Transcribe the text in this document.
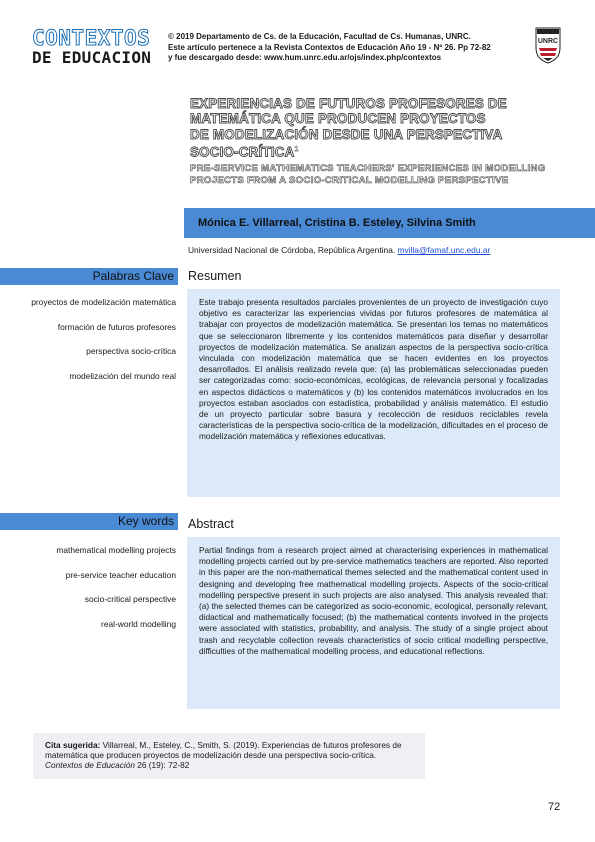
CONTEXTOS
DE EDUCACION
© 2019 Departamento de Cs. de la Educación, Facultad de Cs. Humanas, UNRC.
Este artículo pertenece a la Revista Contextos de Educación Año 19 - Nº 26. Pp 72-82
y fue descargado desde: www.hum.unrc.edu.ar/ojs/index.php/contextos
UNRC
EXPERIENCIAS DE FUTUROS PROFESORES DE
MATEMÁTICA QUE PRODUCEN PROYECTOS
DE MODELIZACIÓN DESDE UNA PERSPECTIVA
SOCIO-CRÍTICA$^1$
PRE-SERVICE MATHEMATICS TEACHERS' EXPERIENCES IN MODELLING
PROJECTS FROM A SOCIO-CRITICAL MODELLING PERSPECTIVE
Mónica E. Villarreal, Cristina B. Esteley, Silvina Smith
Universidad Nacional de Córdoba, República Argentina. mvilla@famaf.unc.edu.ar
Palabras Clave	Resumen
proyectos de modelización matemática
formación de futuros profesores
perspectiva socio-crítica
modelización del mundo real

Este trabajo presenta resultados parciales provenientes de un proyecto de investigación cuyo objetivo es caracterizar las experiencias vividas por futuros profesores de matemática al trabajar con proyectos de modelización matemática. Se presentan los temas no matemáticos que se seleccionaron libremente y los contenidos matemáticos para diseñar y desarrollar proyectos de modelización matemática. Se analizan aspectos de la perspectiva socio-crítica vinculada con modelización matemática que se hacen evidentes en los proyectos desarrollados. El análisis realizado revela que: (a) las problemáticas seleccionadas pueden ser categorizadas como: socio-económicas, ecológicas, de relevancia personal y focalizadas en aspectos didácticos o matemáticos y (b) los contenidos matemáticos involucrados en los proyectos estaban asociados con estadística, probabilidad y análisis matemático. El estudio de un proyecto particular sobre basura y recolección de residuos reciclables revela características de la perspectiva socio-crítica de la modelización, dificultades en el proceso de modelización matemática y reflexiones educativas.

Key words	Abstract
mathematical modelling projects
pre-service teacher education
socio-critical perspective
real-world modelling

Partial findings from a research project aimed at characterising experiences in mathematical modelling projects carried out by pre-service mathematics teachers are reported. Also reported in this paper are the non-mathematical themes selected and the mathematical content used in designing and developing free mathematical modelling projects. Aspects of the socio-critical modelling perspective present in such projects are also analysed. This analysis revealed that: (a) the selected themes can be categorized as socio-economic, ecological, personally relevant, didactical and mathematically focused; (b) the mathematical contents involved in the projects were associated with statistics, probability, and analysis. The study of a single project about trash and recyclable collection reveals characteristics of socio critical modelling perspective, difficulties of the mathematical modelling process, and educational reflections.

Cita sugerida: Villarreal, M., Esteley, C., Smith, S. (2019). Experiencias de futuros profesores de matemática que producen proyectos de modelización desde una perspectiva socio-crítica. Contextos de Educación 26 (19): 72-82
72
